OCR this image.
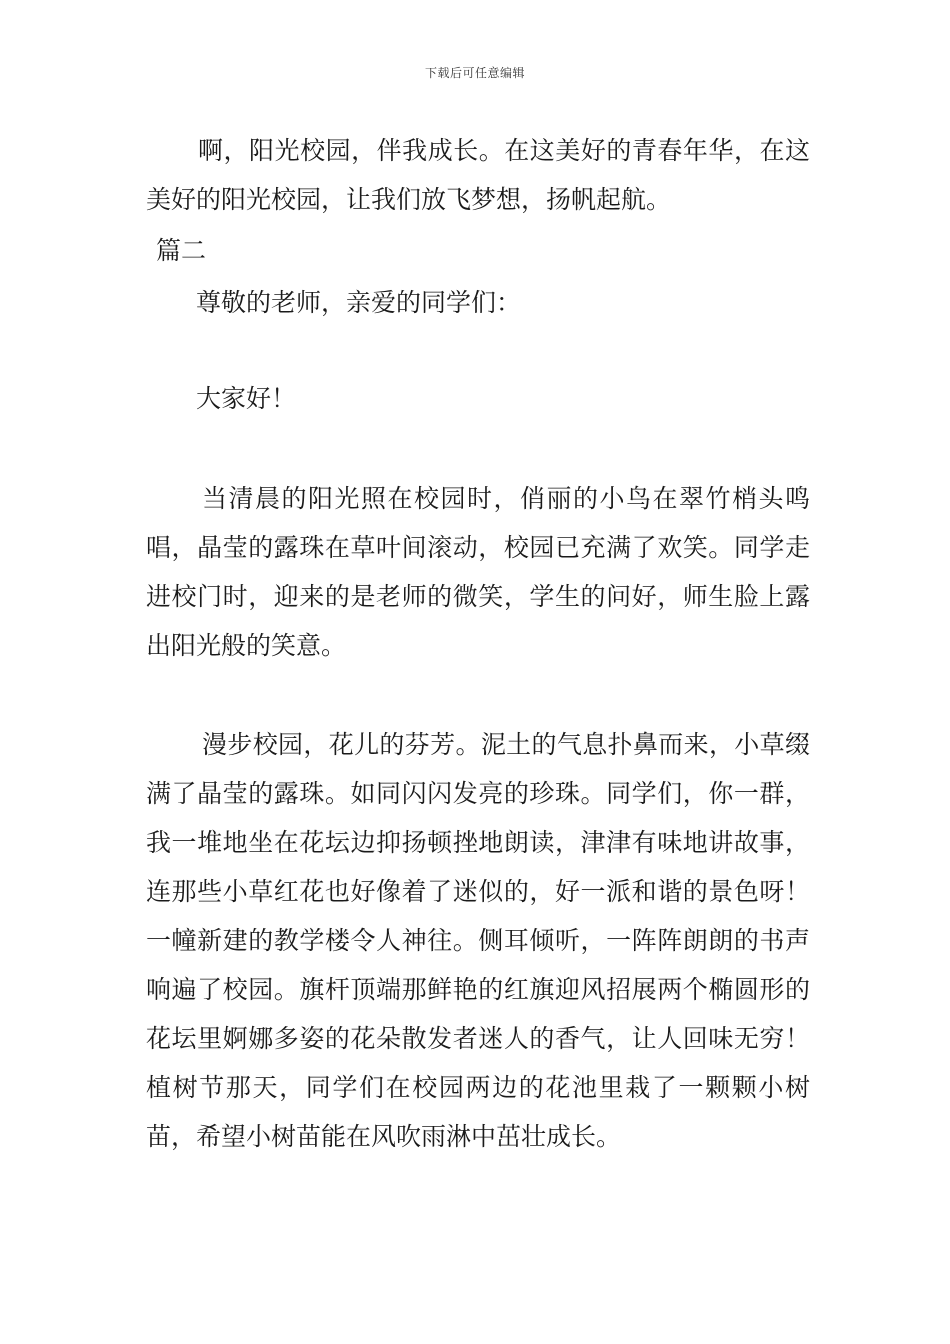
下载后可任意编辑

啊，阳光校园，伴我成长。在这美好的青春年华，在这美好的阳光校园，让我们放飞梦想，扬帆起航。

篇二

尊敬的老师，亲爱的同学们：

大家好！

当清晨的阳光照在校园时，俏丽的小鸟在翠竹梢头鸣唱，晶莹的露珠在草叶间滚动，校园已充满了欢笑。同学走进校门时，迎来的是老师的微笑，学生的问好，师生脸上露出阳光般的笑意。

漫步校园，花儿的芬芳。泥土的气息扑鼻而来，小草缀满了晶莹的露珠。如同闪闪发亮的珍珠。同学们，你一群，我一堆地坐在花坛边抑扬顿挫地朗读，津津有味地讲故事，连那些小草红花也好像着了迷似的，好一派和谐的景色呀！一幢新建的教学楼令人神往。侧耳倾听，一阵阵朗朗的书声响遍了校园。旗杆顶端那鲜艳的红旗迎风招展两个椭圆形的花坛里婀娜多姿的花朵散发者迷人的香气，让人回味无穷！植树节那天，同学们在校园两边的花池里栽了一颗颗小树苗，希望小树苗能在风吹雨淋中茁壮成长。
